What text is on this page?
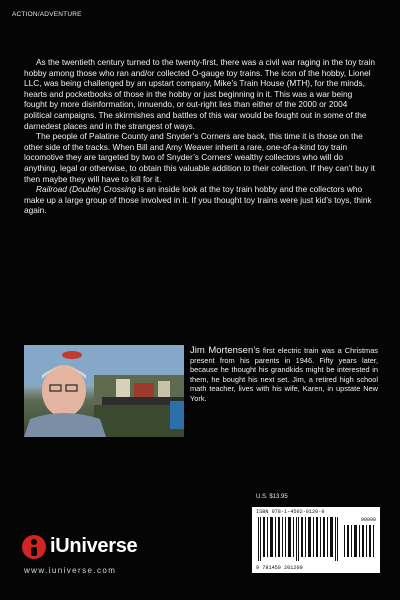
ACTION/ADVENTURE

As the twentieth century turned to the twenty-first, there was a civil war raging in the toy train hobby among those who ran and/or collected O-gauge toy trains. The icon of the hobby, Lionel LLC, was being challenged by an upstart company, Mike’s Train House (MTH), for the minds, hearts and pocketbooks of those in the hobby or just beginning in it. This was a war being fought by more disinformation, innuendo, or out-right lies than either of the 2000 or 2004 political campaigns. The skirmishes and battles of this war would be fought out in some of the darnedest places and in the strangest of ways.

The people of Palatine County and Snyder’s Corners are back, this time it is those on the other side of the tracks. When Bill and Amy Weaver inherit a rare, one-of-a-kind toy train locomotive they are targeted by two of Snyder’s Corners’ wealthy collectors who will do anything, legal or otherwise, to obtain this valuable addition to their collection. If they can’t buy it then maybe they will have to kill for it.

Railroad (Double) Crossing is an inside look at the toy train hobby and the collectors who make up a large group of those involved in it. If you thought toy trains were just kid’s toys, think again.

Jim Mortensen’s first electric train was a Christmas present from his parents in 1946. Fifty years later, because he thought his grandkids might be interested in them, he bought his next set. Jim, a retired high school math teacher, lives with his wife, Karen, in upstate New York.
U.S. $13.95
ISBN 978-1-4502-0120-9
90000
9 781450 201209
iUniverse
www.iuniverse.com
